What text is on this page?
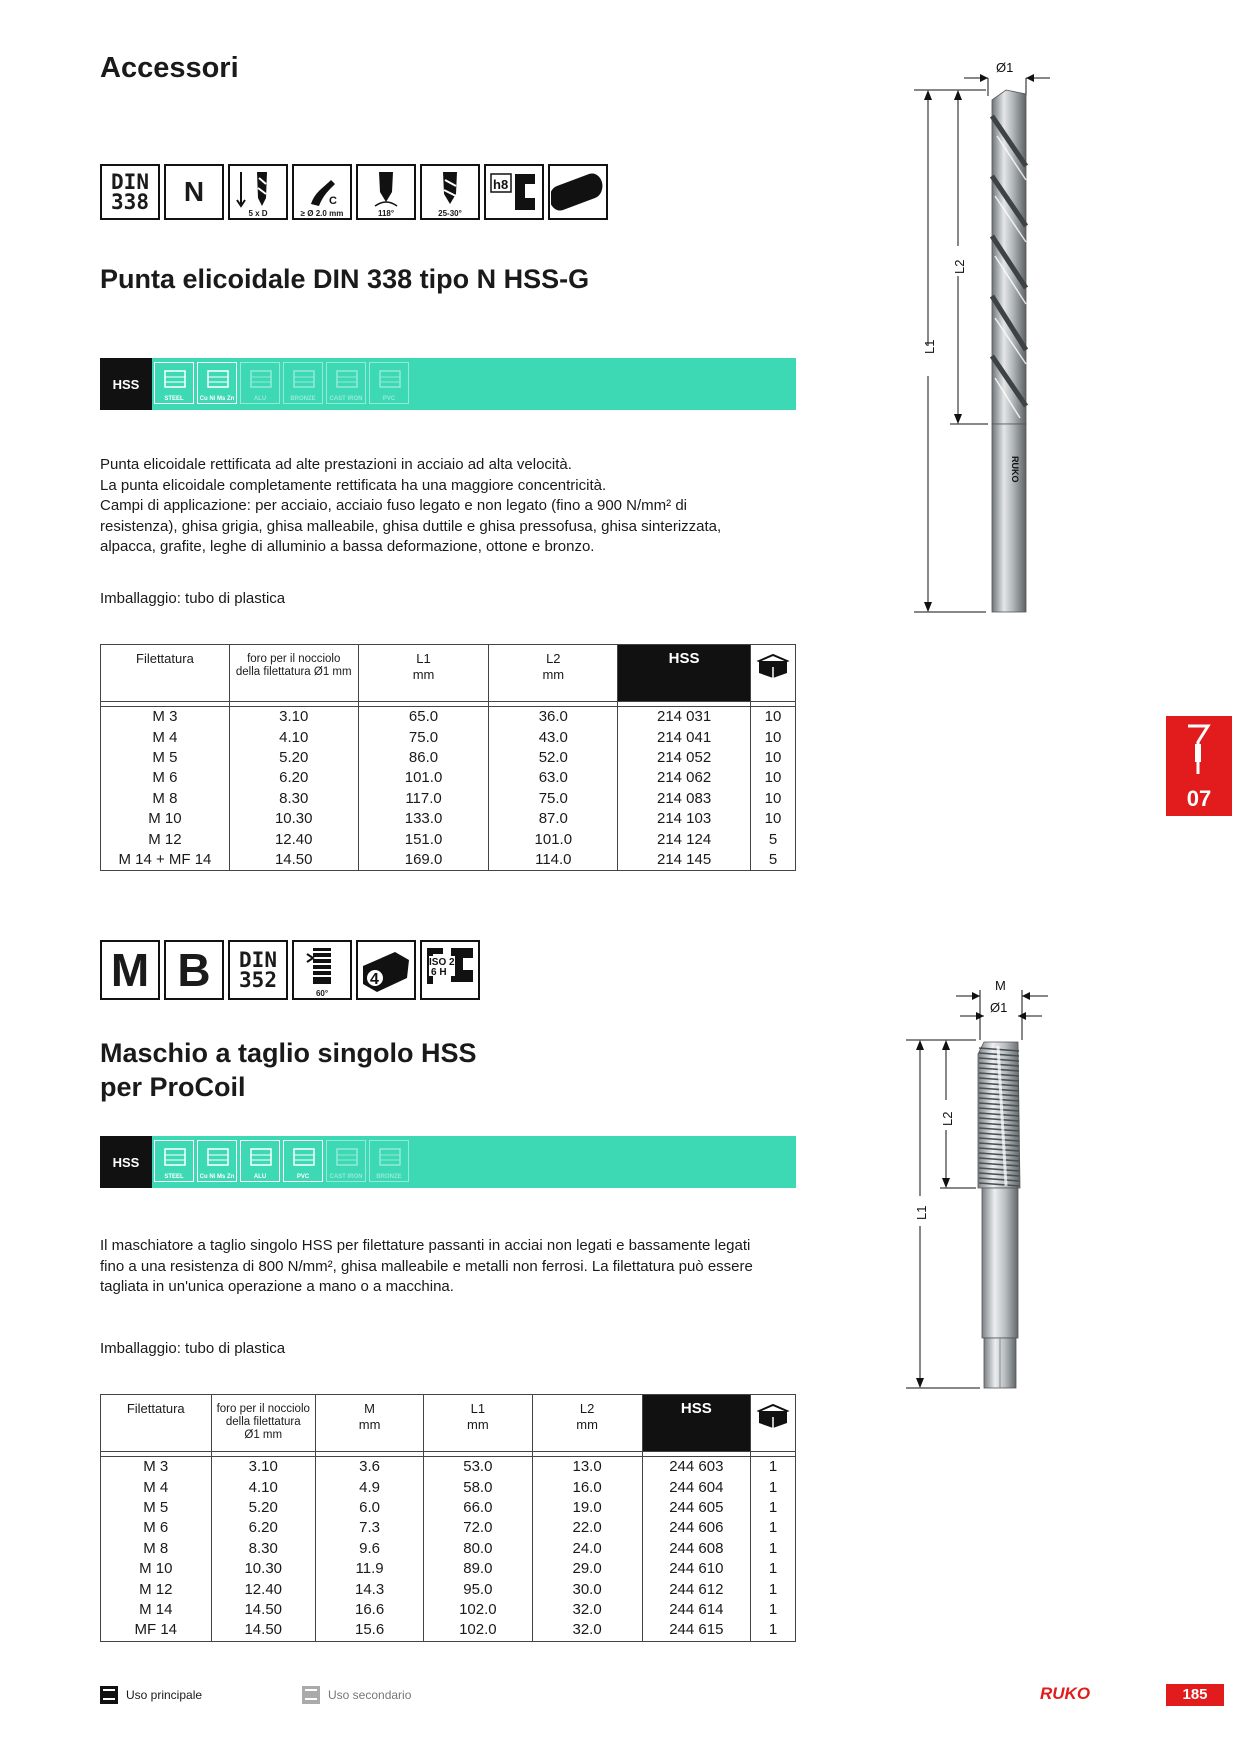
Accessori
DIN
338	N
5 x D
C
≥ Ø 2.0 mm	118°	25-30°
h8
Punta elicoidale DIN 338 tipo N HSS-G
HSS
STEEL	Cu Ni Ms Zn	ALU	BRONZE	CAST IRON	PVC
Punta elicoidale rettificata ad alte prestazioni in acciaio ad alta velocità.
La punta elicoidale completamente rettificata ha una maggiore concentricità.
Campi di applicazione: per acciaio, acciaio fuso legato e non legato (fino a 900 N/mm² di
resistenza), ghisa grigia, ghisa malleabile, ghisa duttile e ghisa pressofusa, ghisa sinterizzata,
alpacca, grafite, leghe di alluminio a bassa deformazione, ottone e bronzo.
Imballaggio: tubo di plastica
Filettatura	foro per il nocciolo
della filettatura Ø1 mm	L1
mm	L2
mm	HSS	

M 3	3.10	65.0	36.0	214 031	10
M 4	4.10	75.0	43.0	214 041	10
M 5	5.20	86.0	52.0	214 052	10
M 6	6.20	101.0	63.0	214 062	10
M 8	8.30	117.0	75.0	214 083	10
M 10	10.30	133.0	87.0	214 103	10
M 12	12.40	151.0	101.0	214 124	5
M 14 + MF 14	14.50	169.0	114.0	214 145	5
M B	DIN
352
60°
4
ISO 2
6 H
Maschio a taglio singolo HSS
per ProCoil
HSS
STEEL	Cu Ni Ms Zn	ALU	PVC	CAST IRON	BRONZE
Il maschiatore a taglio singolo HSS per filettature passanti in acciai non legati e bassamente legati
fino a una resistenza di 800 N/mm², ghisa malleabile e metalli non ferrosi. La filettatura può essere
tagliata in un'unica operazione a mano o a macchina.
Imballaggio: tubo di plastica
Filettatura	foro per il nocciolo
della filettatura
Ø1 mm	M
mm	L1
mm	L2
mm	HSS	

M 3	3.10	3.6	53.0	13.0	244 603	1
M 4	4.10	4.9	58.0	16.0	244 604	1
M 5	5.20	6.0	66.0	19.0	244 605	1
M 6	6.20	7.3	72.0	22.0	244 606	1
M 8	8.30	9.6	80.0	24.0	244 608	1
M 10	10.30	11.9	89.0	29.0	244 610	1
M 12	12.40	14.3	95.0	30.0	244 612	1
M 14	14.50	16.6	102.0	32.0	244 614	1
MF 14	14.50	15.6	102.0	32.0	244 615	1
Ø1
L1
L2
RUKO
M
Ø1
L1
L2
07
Uso principale	Uso secondario	RUKO	185
